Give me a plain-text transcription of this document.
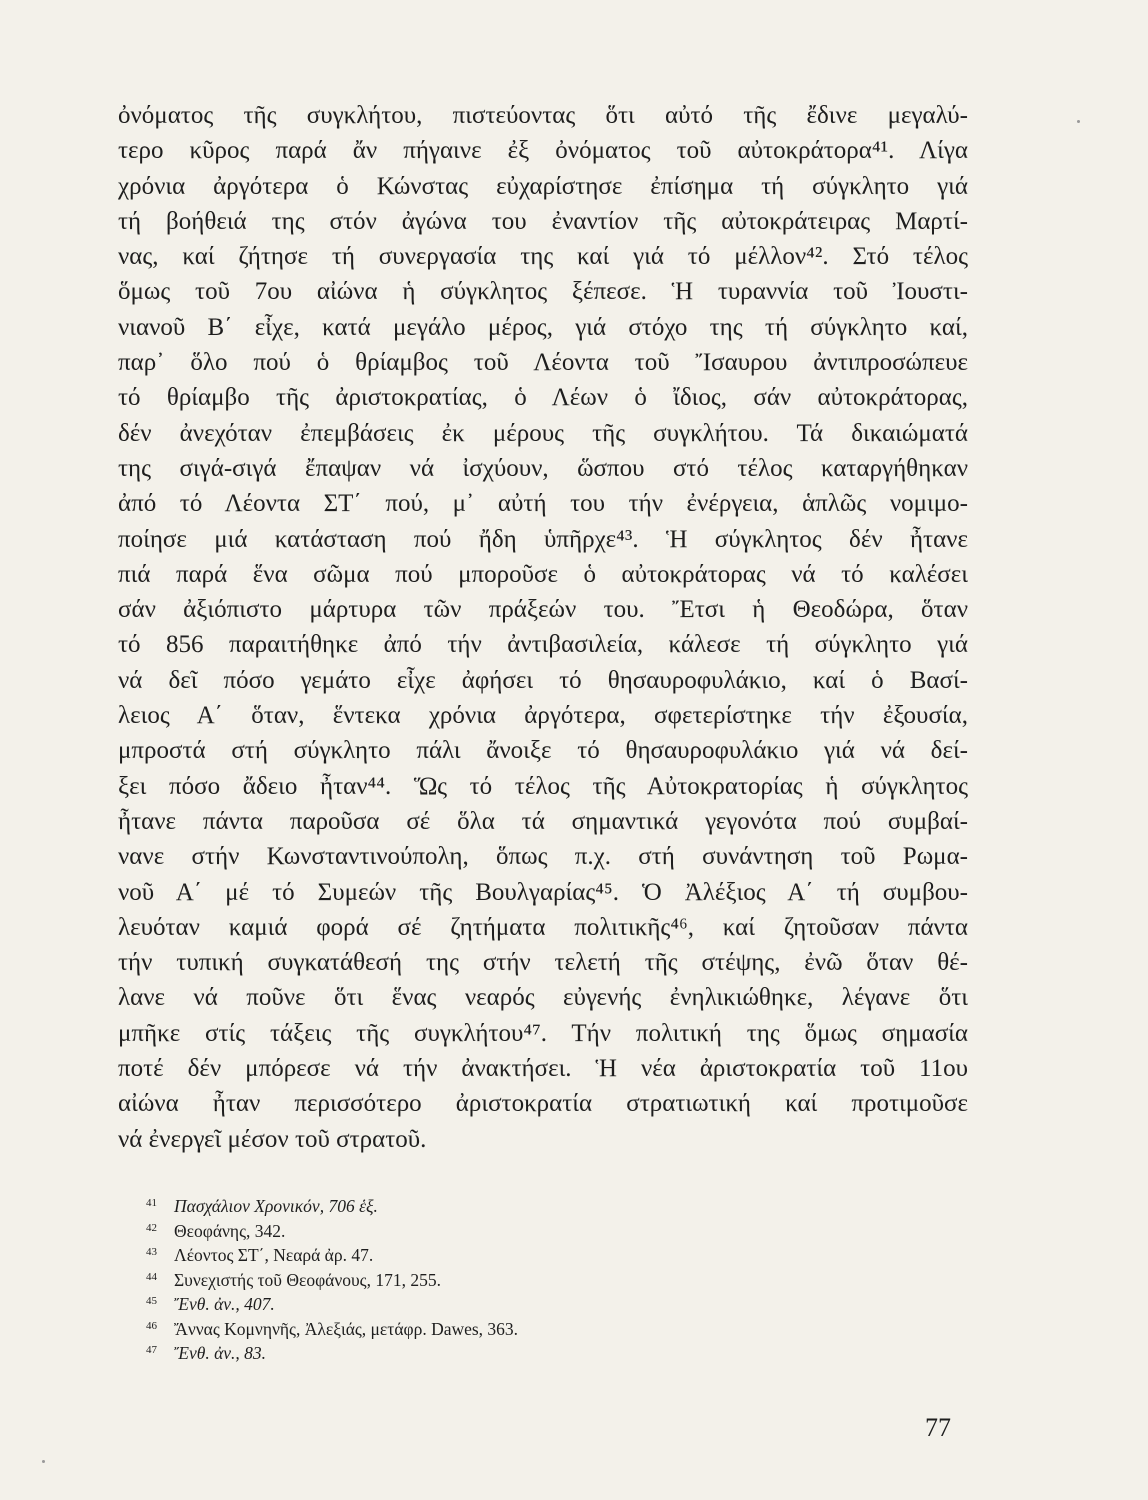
ὀνόματος τῆς συγκλήτου, πιστεύοντας ὅτι αὐτό τῆς ἔδινε μεγαλύ-
τερο κῦρος παρά ἄν πήγαινε ἐξ ὀνόματος τοῦ αὐτοκράτορα⁴¹. Λίγα
χρόνια ἀργότερα ὁ Κώνστας εὐχαρίστησε ἐπίσημα τή σύγκλητο γιά
τή βοήθειά της στόν ἀγώνα του ἐναντίον τῆς αὐτοκράτειρας Μαρτί-
νας, καί ζήτησε τή συνεργασία της καί γιά τό μέλλον⁴². Στό τέλος
ὅμως τοῦ 7ου αἰώνα ἡ σύγκλητος ξέπεσε. Ἡ τυραννία τοῦ Ἰουστι-
νιανοῦ Β΄ εἶχε, κατά μεγάλο μέρος, γιά στόχο της τή σύγκλητο καί,
παρ᾽ ὅλο πού ὁ θρίαμβος τοῦ Λέοντα τοῦ Ἴσαυρου ἀντιπροσώπευε
τό θρίαμβο τῆς ἀριστοκρατίας, ὁ Λέων ὁ ἴδιος, σάν αὐτοκράτορας,
δέν ἀνεχόταν ἐπεμβάσεις ἐκ μέρους τῆς συγκλήτου. Τά δικαιώματά
της σιγά-σιγά ἔπαψαν νά ἰσχύουν, ὥσπου στό τέλος καταργήθηκαν
ἀπό τό Λέοντα ΣΤ΄ πού, μ᾽ αὐτή του τήν ἐνέργεια, ἁπλῶς νομιμο-
ποίησε μιά κατάσταση πού ἤδη ὑπῆρχε⁴³. Ἡ σύγκλητος δέν ἦτανε
πιά παρά ἕνα σῶμα πού μποροῦσε ὁ αὐτοκράτορας νά τό καλέσει
σάν ἀξιόπιστο μάρτυρα τῶν πράξεών του. Ἔτσι ἡ Θεοδώρα, ὅταν
τό 856 παραιτήθηκε ἀπό τήν ἀντιβασιλεία, κάλεσε τή σύγκλητο γιά
νά δεῖ πόσο γεμάτο εἶχε ἀφήσει τό θησαυροφυλάκιο, καί ὁ Βασί-
λειος Α΄ ὅταν, ἕντεκα χρόνια ἀργότερα, σφετερίστηκε τήν ἐξουσία,
μπροστά στή σύγκλητο πάλι ἄνοιξε τό θησαυροφυλάκιο γιά νά δεί-
ξει πόσο ἄδειο ἦταν⁴⁴. Ὥς τό τέλος τῆς Αὐτοκρατορίας ἡ σύγκλητος
ἦτανε πάντα παροῦσα σέ ὅλα τά σημαντικά γεγονότα πού συμβαί-
νανε στήν Κωνσταντινούπολη, ὅπως π.χ. στή συνάντηση τοῦ Ρωμα-
νοῦ Α΄ μέ τό Συμεών τῆς Βουλγαρίας⁴⁵. Ὁ Ἀλέξιος Α΄ τή συμβου-
λευόταν καμιά φορά σέ ζητήματα πολιτικῆς⁴⁶, καί ζητοῦσαν πάντα
τήν τυπική συγκατάθεσή της στήν τελετή τῆς στέψης, ἐνῶ ὅταν θέ-
λανε νά ποῦνε ὅτι ἕνας νεαρός εὐγενής ἐνηλικιώθηκε, λέγανε ὅτι
μπῆκε στίς τάξεις τῆς συγκλήτου⁴⁷. Τήν πολιτική της ὅμως σημασία
ποτέ δέν μπόρεσε νά τήν ἀνακτήσει. Ἡ νέα ἀριστοκρατία τοῦ 11ου
αἰώνα ἦταν περισσότερο ἀριστοκρατία στρατιωτική καί προτιμοῦσε
νά ἐνεργεῖ μέσον τοῦ στρατοῦ.
41 Πασχάλιον Χρονικόν, 706 ἑξ.
42 Θεοφάνης, 342.
43 Λέοντος ΣΤ΄, Νεαρά ἀρ. 47.
44 Συνεχιστής τοῦ Θεοφάνους, 171, 255.
45 Ἔνθ. ἀν., 407.
46 Ἄννας Κομνηνῆς, Ἀλεξιάς, μετάφρ. Dawes, 363.
47 Ἔνθ. ἀν., 83.
77
